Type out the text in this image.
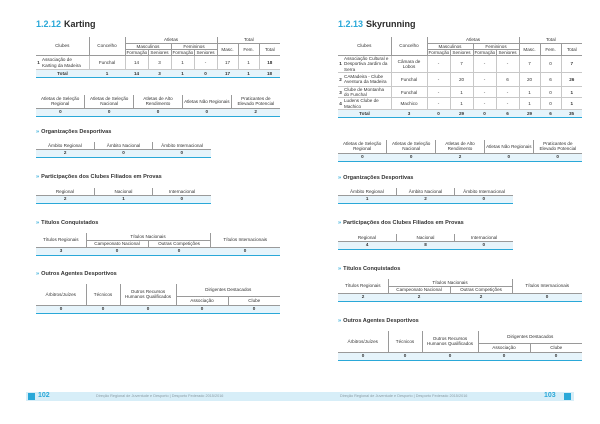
1.2.12 Karting
Clubes		Concelho	Atletas				Total		
			Masculinos		Femininos		Masc.	Fem.	Total
			Formação	Seniores	Formação	Seniores			
1	Associação de Karting da Madeira	Funchal	14	3	1	-	17	1	18
Total		1	14	3	1	0	17	1	18
Atletas de Seleção Regional	Atletas de Seleção Nacional	Atletas de Alto Rendimento	Atletas Não Regionais	Praticantes de Elevado Potencial
0	0	0	0	2
» Organizações Desportivas
Âmbito Regional	Âmbito Nacional	Âmbito Internacional
2	0	0
» Participações dos Clubes Filiados em Provas
Regional	Nacional	Internacional
2	1	0
» Títulos Conquistados
Títulos Regionais	Títulos Nacionais		Títulos Internacionais
	Campeonato Nacional	Outras Competições	
3	0	0	0
» Outros Agentes Desportivos
Árbitros/Juízes	Técnicos	Outros Recursos Humanos Qualificados	Dirigentes Destacados	
			Associação	Clube
0	0	0	0	0
102	Direção Regional de Juventude e Desporto | Desporto Federado 2015/2016
1.2.13 Skyrunning
Clubes		Concelho	Atletas				Total		
			Masculinos		Femininos		Masc.	Fem.	Total
			Formação	Seniores	Formação	Seniores			
1	Associação Cultural e Desportiva Jardim da Serra	Câmara de Lobos	-	7	-	-	7	0	7
2	CAMadeira - Clube Aventura da Madeira	Funchal	-	20	-	6	20	6	26
3	Clube de Montanha do Funchal	Funchal	-	1	-	-	1	0	1
4	Ludens Clube de Machico	Machico	-	1	-	-	1	0	1
Total		3	0	29	0	6	29	6	35
Atletas de Seleção Regional	Atletas de Seleção Nacional	Atletas de Alto Rendimento	Atletas Não Regionais	Praticantes de Elevado Potencial
0	0	2	0	0
» Organizações Desportivas
Âmbito Regional	Âmbito Nacional	Âmbito Internacional
1	2	0
» Participações dos Clubes Filiados em Provas
Regional	Nacional	Internacional
4	8	0
» Títulos Conquistados
Títulos Regionais	Títulos Nacionais		Títulos Internacionais
	Campeonato Nacional	Outras Competições	
2	2	2	0
» Outros Agentes Desportivos
Árbitros/Juízes	Técnicos	Outros Recursos Humanos Qualificados	Dirigentes Destacados	
			Associação	Clube
0	0	0	0	0
Direção Regional de Juventude e Desporto | Desporto Federado 2015/2016	103
